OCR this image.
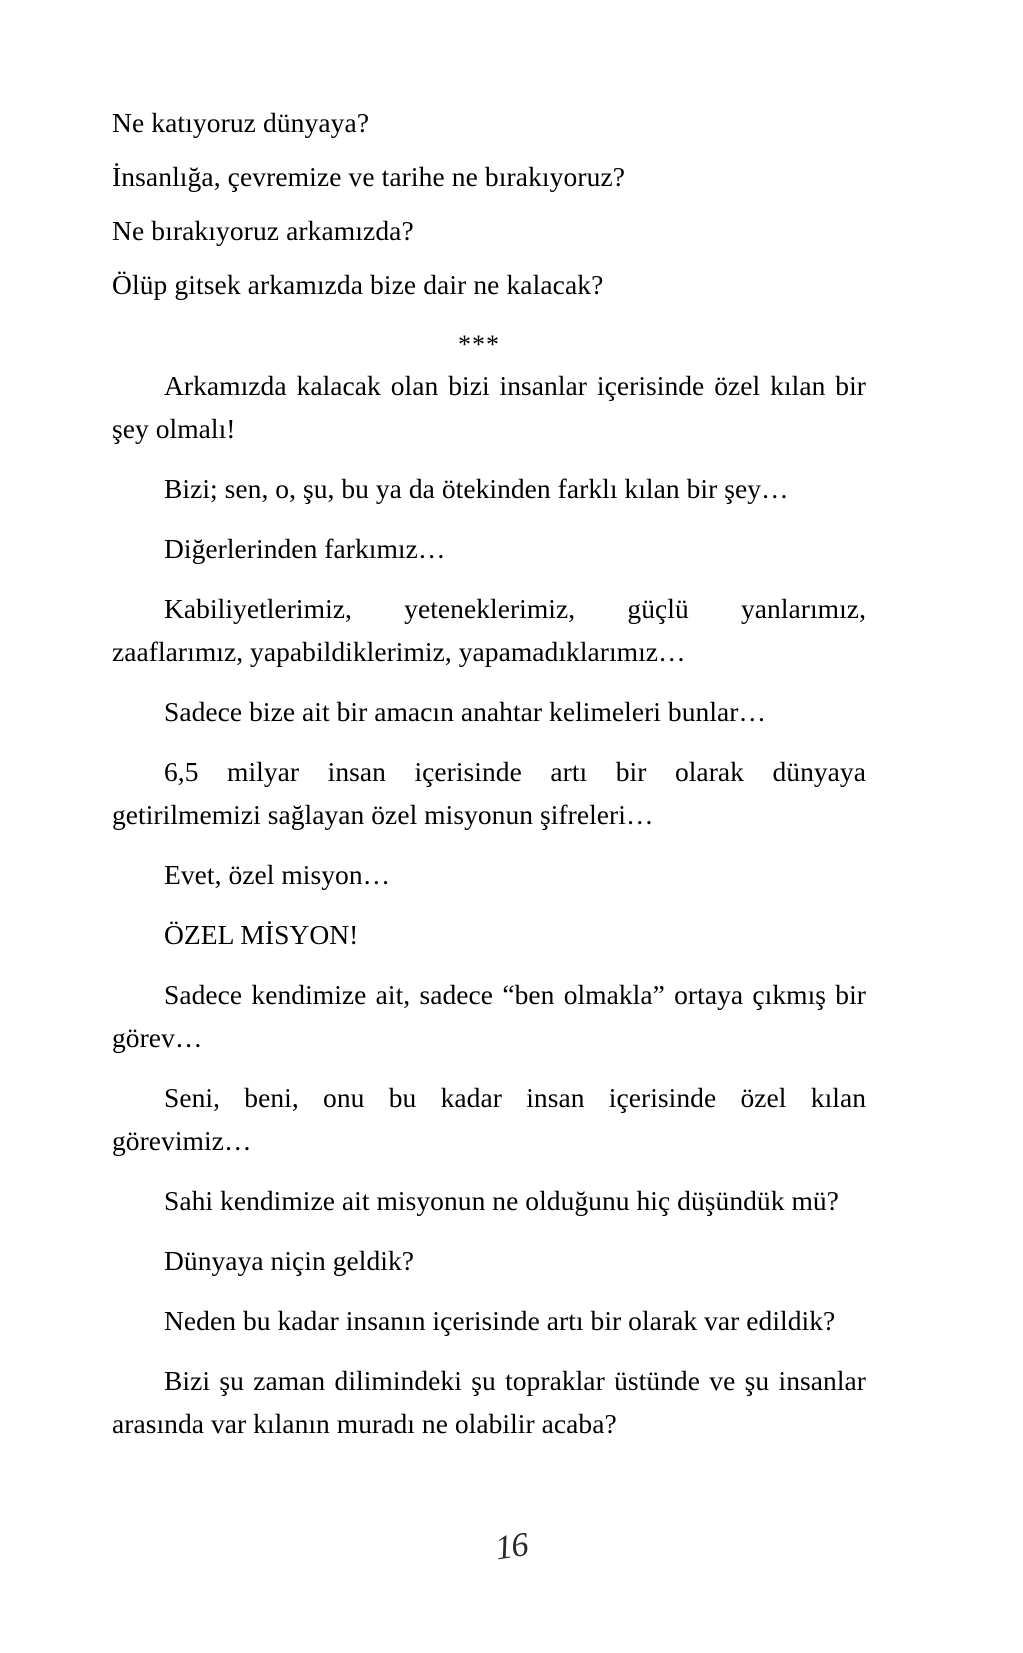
Ne katıyoruz dünyaya?

İnsanlığa, çevremize ve tarihe ne bırakıyoruz?

Ne bırakıyoruz arkamızda?

Ölüp gitsek arkamızda bize dair ne kalacak?

***

Arkamızda kalacak olan bizi insanlar içerisinde özel kılan bir şey olmalı!

Bizi; sen, o, şu, bu ya da ötekinden farklı kılan bir şey…

Diğerlerinden farkımız…

Kabiliyetlerimiz, yeteneklerimiz, güçlü yanlarımız, zaaflarımız, yapabildiklerimiz, yapamadıklarımız…

Sadece bize ait bir amacın anahtar kelimeleri bunlar…

6,5 milyar insan içerisinde artı bir olarak dünyaya getirilmemizi sağlayan özel misyonun şifreleri…

Evet, özel misyon…

ÖZEL MİSYON!

Sadece kendimize ait, sadece “ben olmakla” ortaya çıkmış bir görev…

Seni, beni, onu bu kadar insan içerisinde özel kılan görevimiz…

Sahi kendimize ait misyonun ne olduğunu hiç düşündük mü?

Dünyaya niçin geldik?

Neden bu kadar insanın içerisinde artı bir olarak var edildik?

Bizi şu zaman dilimindeki şu topraklar üstünde ve şu insanlar arasında var kılanın muradı ne olabilir acaba?

16
